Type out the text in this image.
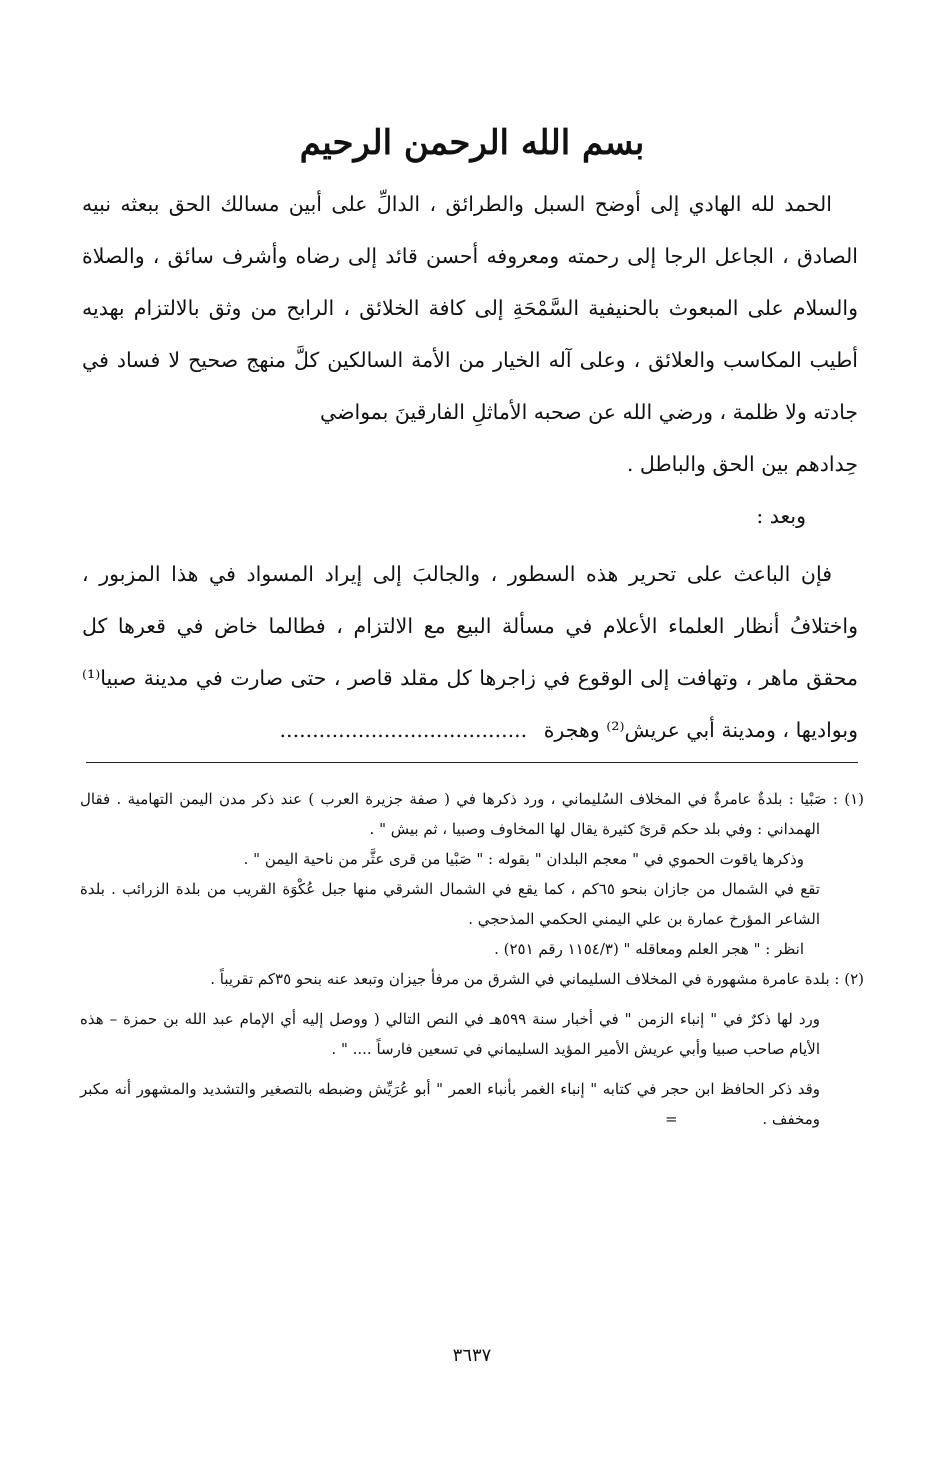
بسم الله الرحمن الرحيم

الحمد لله الهادي إلى أوضح السبل والطرائق ، الدالِّ على أبين مسالك الحق ببعثه نبيه الصادق ، الجاعل الرجا إلى رحمته ومعروفه أحسن قائد إلى رضاه وأشرف سائق ، والصلاة والسلام على المبعوث بالحنيفية السَّمْحَةِ إلى كافة الخلائق ، الرابح من وثق بالالتزام بهديه أطيب المكاسب والعلائق ، وعلى آله الخيار من الأمة السالكين كلَّ منهج صحيح لا فساد في جادته ولا ظلمة ، ورضي الله عن صحبه الأماثلِ الفارقينَ بمواضي

حِدادهم بين الحق والباطل .

وبعد :

فإن الباعث على تحرير هذه السطور ، والجالبَ إلى إيراد المسواد في هذا المزبور ، واختلافُ أنظار العلماء الأعلام في مسألة البيع مع الالتزام ، فطالما خاض في قعرها كل محقق ماهر ، وتهافت إلى الوقوع في زاجرها كل مقلد قاصر ، حتى صارت في مدينة صبيا⁽¹⁾ وبواديها ، ومدينة أبي عريش⁽²⁾ وهجرة ......................................

(١) : صَبْيا : بلدةٌ عامرةٌ في المخلاف السُليماني ، ورد ذكرها في ( صفة جزيرة العرب ) عند ذكر مدن اليمن التهامية . فقال الهمداني : وفي بلد حكم قرىً كثيرة يقال لها المخاوف وصبيا ، ثم بيش " .

وذكرها ياقوت الحموي في " معجم البلدان " بقوله : " صَبْيا من قرى عثَّر من ناحية اليمن " .

تقع في الشمال من جازان بنحو ٦٥كم ، كما يقع في الشمال الشرقي منها جبل عُكْوَة القريب من بلدة الزرائب . بلدة الشاعر المؤرخ عمارة بن علي اليمني الحكمي المذحجي .

انظر : " هجر العلم ومعاقله " (١١٥٤/٣ رقم ٢٥١) .

(٢) : بلدة عامرة مشهورة في المخلاف السليماني في الشرق من مرفأ جيزان وتبعد عنه بنحو ٣٥كم تقريباً .

ورد لها ذكرٌ في " إنباء الزمن " في أخبار سنة ٥٩٩هـ في النص التالي ( ووصل إليه أي الإمام عبد الله بن حمزة – هذه الأيام صاحب صبيا وأبي عريش الأمير المؤيد السليماني في تسعين فارساً .... " .

وقد ذكر الحافظ ابن حجر في كتابه " إنباء الغمر بأنباء العمر " أبو عُرَيِّش وضبطه بالتصغير والتشديد والمشهور أنه مكبر ومخفف . =

٣٦٣٧
